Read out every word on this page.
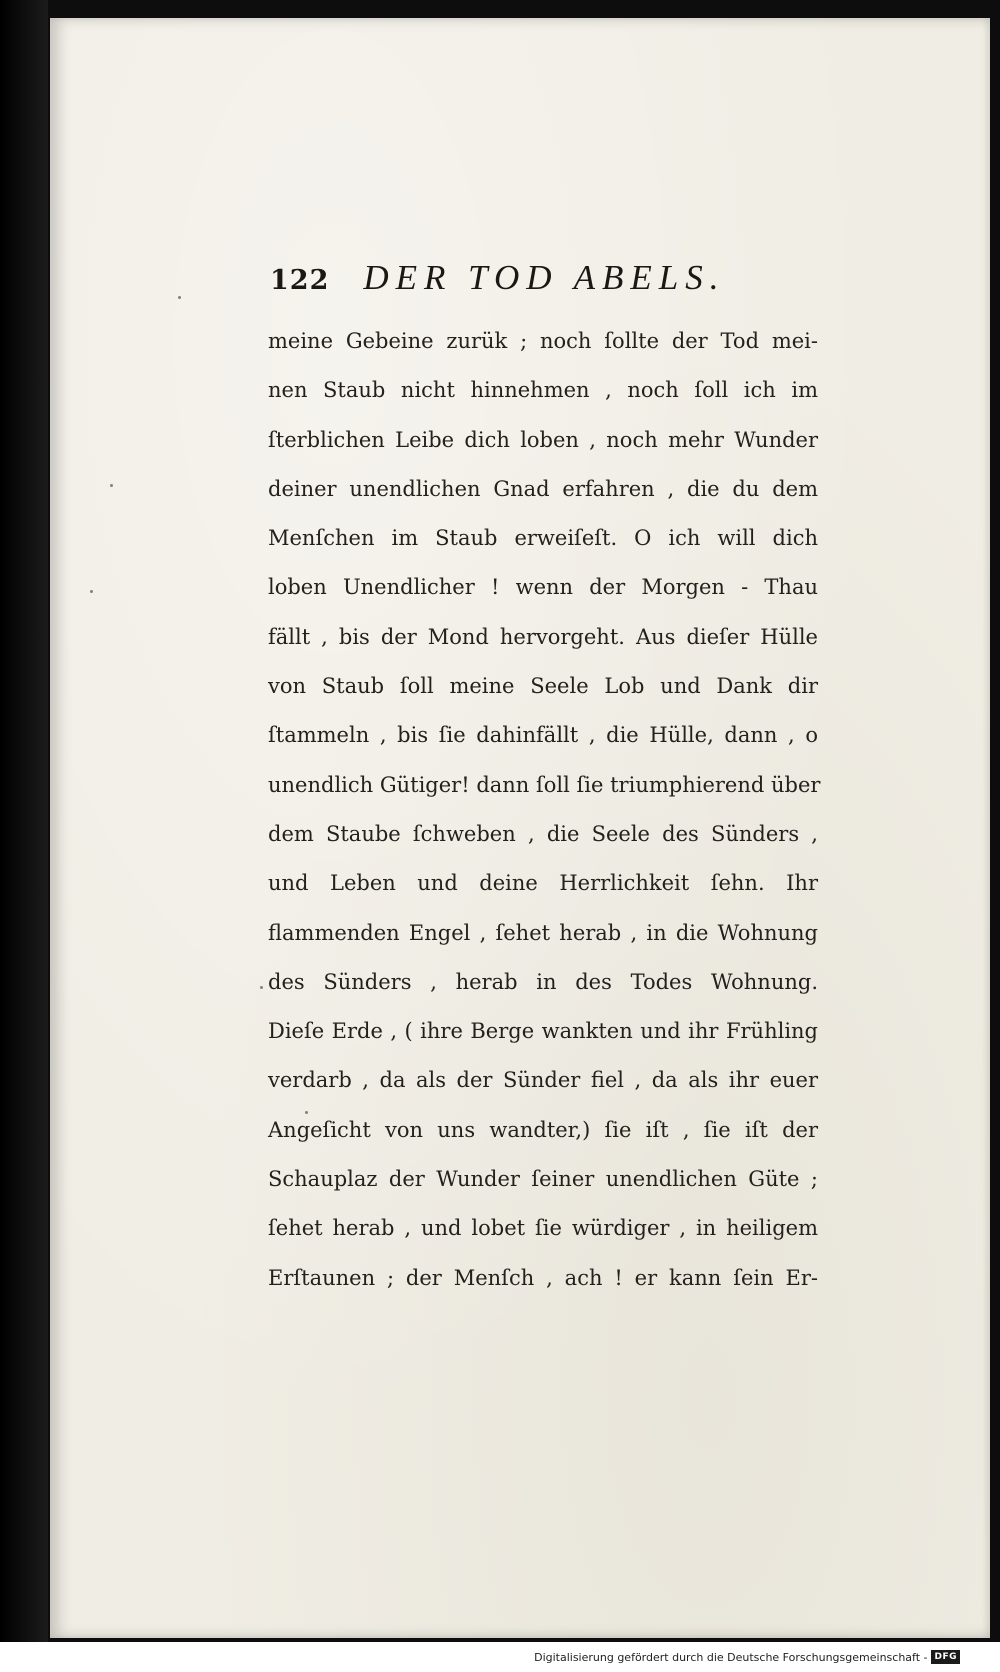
122 DER TOD ABELS.
meine Gebeine zurük ; noch ſollte der Tod mei-
nen Staub nicht hinnehmen , noch ſoll ich im
ſterblichen Leibe dich loben , noch mehr Wunder
deiner unendlichen Gnad erfahren , die du dem
Menſchen im Staub erweiſeſt. O ich will dich
loben Unendlicher ! wenn der Morgen - Thau
fällt , bis der Mond hervorgeht. Aus dieſer Hülle
von Staub ſoll meine Seele Lob und Dank dir
ſtammeln , bis ſie dahinfällt , die Hülle, dann , o
unendlich Gütiger! dann ſoll ſie triumphierend über
dem Staube ſchweben , die Seele des Sünders ,
und Leben und deine Herrlichkeit ſehn. Ihr
flammenden Engel , ſehet herab , in die Wohnung
des Sünders , herab in des Todes Wohnung.
Dieſe Erde , ( ihre Berge wankten und ihr Frühling
verdarb , da als der Sünder fiel , da als ihr euer
Angeſicht von uns wandter,) ſie iſt , ſie iſt der
Schauplaz der Wunder ſeiner unendlichen Güte ;
ſehet herab , und lobet ſie würdiger , in heiligem
Erſtaunen ; der Menſch , ach ! er kann ſein Er-
Digitalisierung gefördert durch die Deutsche Forschungsgemeinschaft - DFG
